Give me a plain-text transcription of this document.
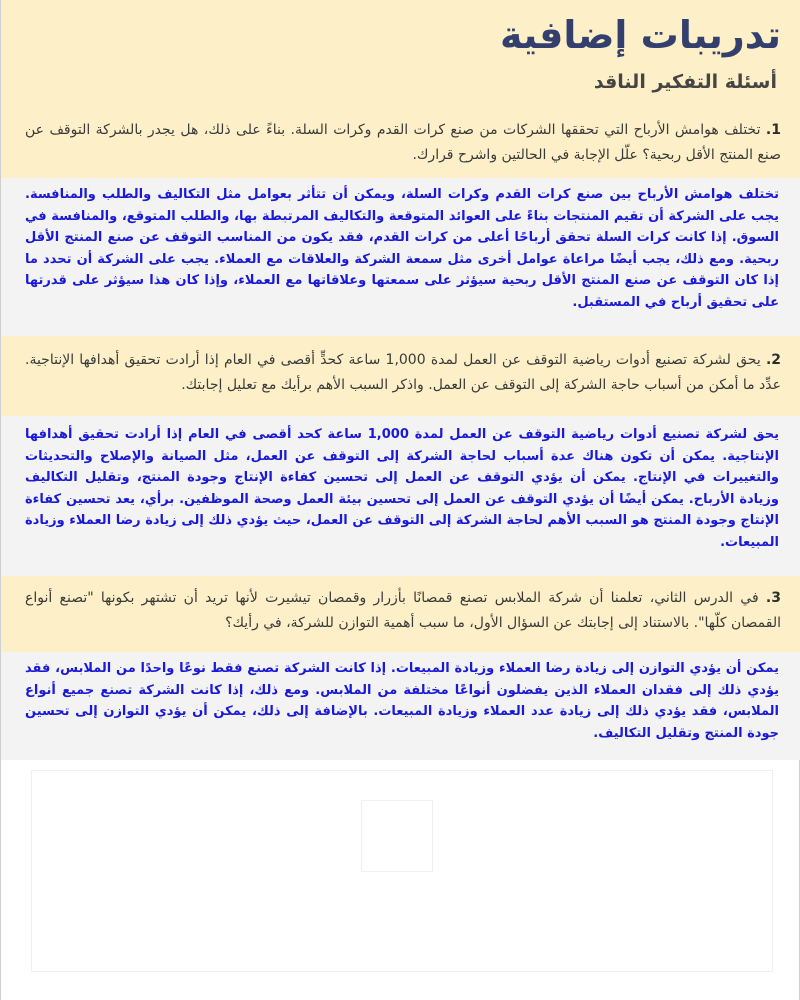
تدريبات إضافية
أسئلة التفكير الناقد
1. تختلف هوامش الأرباح التي تحققها الشركات من صنع كرات القدم وكرات السلة. بناءً على ذلك، هل يجدر بالشركة التوقف عن صنع المنتج الأقل ربحية؟ علّل الإجابة في الحالتين واشرح قرارك.
تختلف هوامش الأرباح بين صنع كرات القدم وكرات السلة، ويمكن أن تتأثر بعوامل مثل التكاليف والطلب والمنافسة. يجب على الشركة أن تقيم المنتجات بناءً على العوائد المتوقعة والتكاليف المرتبطة بها، والطلب المتوقع، والمنافسة في السوق. إذا كانت كرات السلة تحقق أرباحًا أعلى من كرات القدم، فقد يكون من المناسب التوقف عن صنع المنتج الأقل ربحية. ومع ذلك، يجب أيضًا مراعاة عوامل أخرى مثل سمعة الشركة والعلاقات مع العملاء. يجب على الشركة أن تحدد ما إذا كان التوقف عن صنع المنتج الأقل ربحية سيؤثر على سمعتها وعلاقاتها مع العملاء، وإذا كان هذا سيؤثر على قدرتها على تحقيق أرباح في المستقبل.
2. يحق لشركة تصنيع أدوات رياضية التوقف عن العمل لمدة 1,000 ساعة كحدٍّ أقصى في العام إذا أرادت تحقيق أهدافها الإنتاجية. عدِّد ما أمكن من أسباب حاجة الشركة إلى التوقف عن العمل. واذكر السبب الأهم برأيك مع تعليل إجابتك.
يحق لشركة تصنيع أدوات رياضية التوقف عن العمل لمدة 1,000 ساعة كحد أقصى في العام إذا أرادت تحقيق أهدافها الإنتاجية. يمكن أن تكون هناك عدة أسباب لحاجة الشركة إلى التوقف عن العمل، مثل الصيانة والإصلاح والتحديثات والتغييرات في الإنتاج. يمكن أن يؤدي التوقف عن العمل إلى تحسين كفاءة الإنتاج وجودة المنتج، وتقليل التكاليف وزيادة الأرباح. يمكن أيضًا أن يؤدي التوقف عن العمل إلى تحسين بيئة العمل وصحة الموظفين. برأي، يعد تحسين كفاءة الإنتاج وجودة المنتج هو السبب الأهم لحاجة الشركة إلى التوقف عن العمل، حيث يؤدي ذلك إلى زيادة رضا العملاء وزيادة المبيعات.
3. في الدرس الثاني، تعلمنا أن شركة الملابس تصنع قمصانًا بأزرار وقمصان تيشيرت لأنها تريد أن تشتهر بكونها "تصنع أنواع القمصان كلّها". بالاستناد إلى إجابتك عن السؤال الأول، ما سبب أهمية التوازن للشركة، في رأيك؟
يمكن أن يؤدي التوازن إلى زيادة رضا العملاء وزيادة المبيعات. إذا كانت الشركة تصنع فقط نوعًا واحدًا من الملابس، فقد يؤدي ذلك إلى فقدان العملاء الذين يفضلون أنواعًا مختلفة من الملابس. ومع ذلك، إذا كانت الشركة تصنع جميع أنواع الملابس، فقد يؤدي ذلك إلى زيادة عدد العملاء وزيادة المبيعات. بالإضافة إلى ذلك، يمكن أن يؤدي التوازن إلى تحسين جودة المنتج وتقليل التكاليف.
